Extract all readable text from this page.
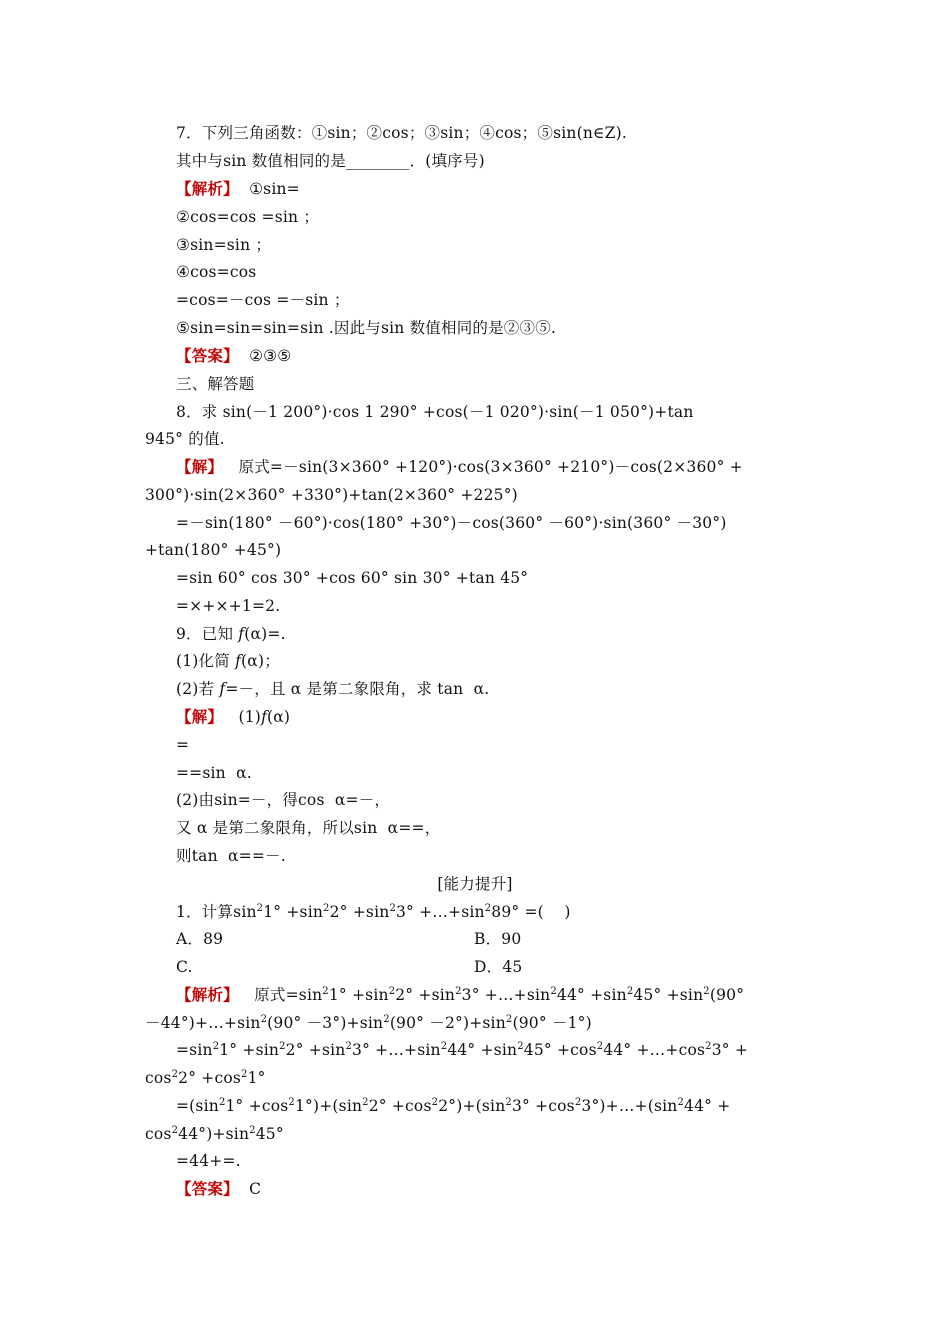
7．下列三角函数：①sin；②cos；③sin；④cos；⑤sin(n∈Z).
其中与sin 数值相同的是________．(填序号)
【解析】 ①sin=
②cos=cos =sin ；
③sin=sin ；
④cos=cos
=cos=－cos =－sin ；
⑤sin=sin=sin=sin .因此与sin 数值相同的是②③⑤.
【答案】 ②③⑤
三、解答题
8．求 sin(－1 200°)·cos 1 290° +cos(－1 020°)·sin(－1 050°)+tan
945° 的值.
【解】 原式=－sin(3×360° +120°)·cos(3×360° +210°)－cos(2×360° +
300°)·sin(2×360° +330°)+tan(2×360° +225°)
=－sin(180° －60°)·cos(180° +30°)－cos(360° －60°)·sin(360° －30°)
+tan(180° +45°)
=sin 60° cos 30° +cos 60° sin 30° +tan 45°
=×+×+1=2.
9．已知 f(α)=.
(1)化简 f(α)；
(2)若 f=－，且 α 是第二象限角，求 tan  α.
【解】 (1)f(α)
=
==sin  α.
(2)由sin=－，得cos  α=－，
又 α 是第二象限角，所以sin  α==，
则tan  α==－.
[能力提升]
1．计算$\sin^21^\circ +\sin^22^\circ +\sin^23^\circ$ $+\dots+\sin^289^\circ$ =(    )
A．89	B．90
C.	D．45
【解析】 原式$=\sin^21^\circ +\sin^22^\circ +\sin^23^\circ$ $+\dots+\sin^244^\circ +\sin^245^\circ +\sin^2(90^\circ$
$-44^\circ)+\dots+\sin^2(90^\circ -3^\circ)+\sin^2(90^\circ -2^\circ)+\sin^2(90^\circ -1^\circ)$
$=\sin^21^\circ +\sin^22^\circ +\sin^23^\circ$ $+\dots+\sin^244^\circ +\sin^245^\circ +\cos^244^\circ$ $+\dots+\cos^23^\circ$ +
$\cos^22^\circ +\cos^21^\circ$
$=(\sin^21^\circ +\cos^21^\circ)+(\sin^22^\circ +\cos^22^\circ)+(\sin^23^\circ$ $+\cos^23^\circ)+\dots+(\sin^244^\circ$ +
$\cos^244^\circ)+\sin^245^\circ$
=44+=.
【答案】 C
